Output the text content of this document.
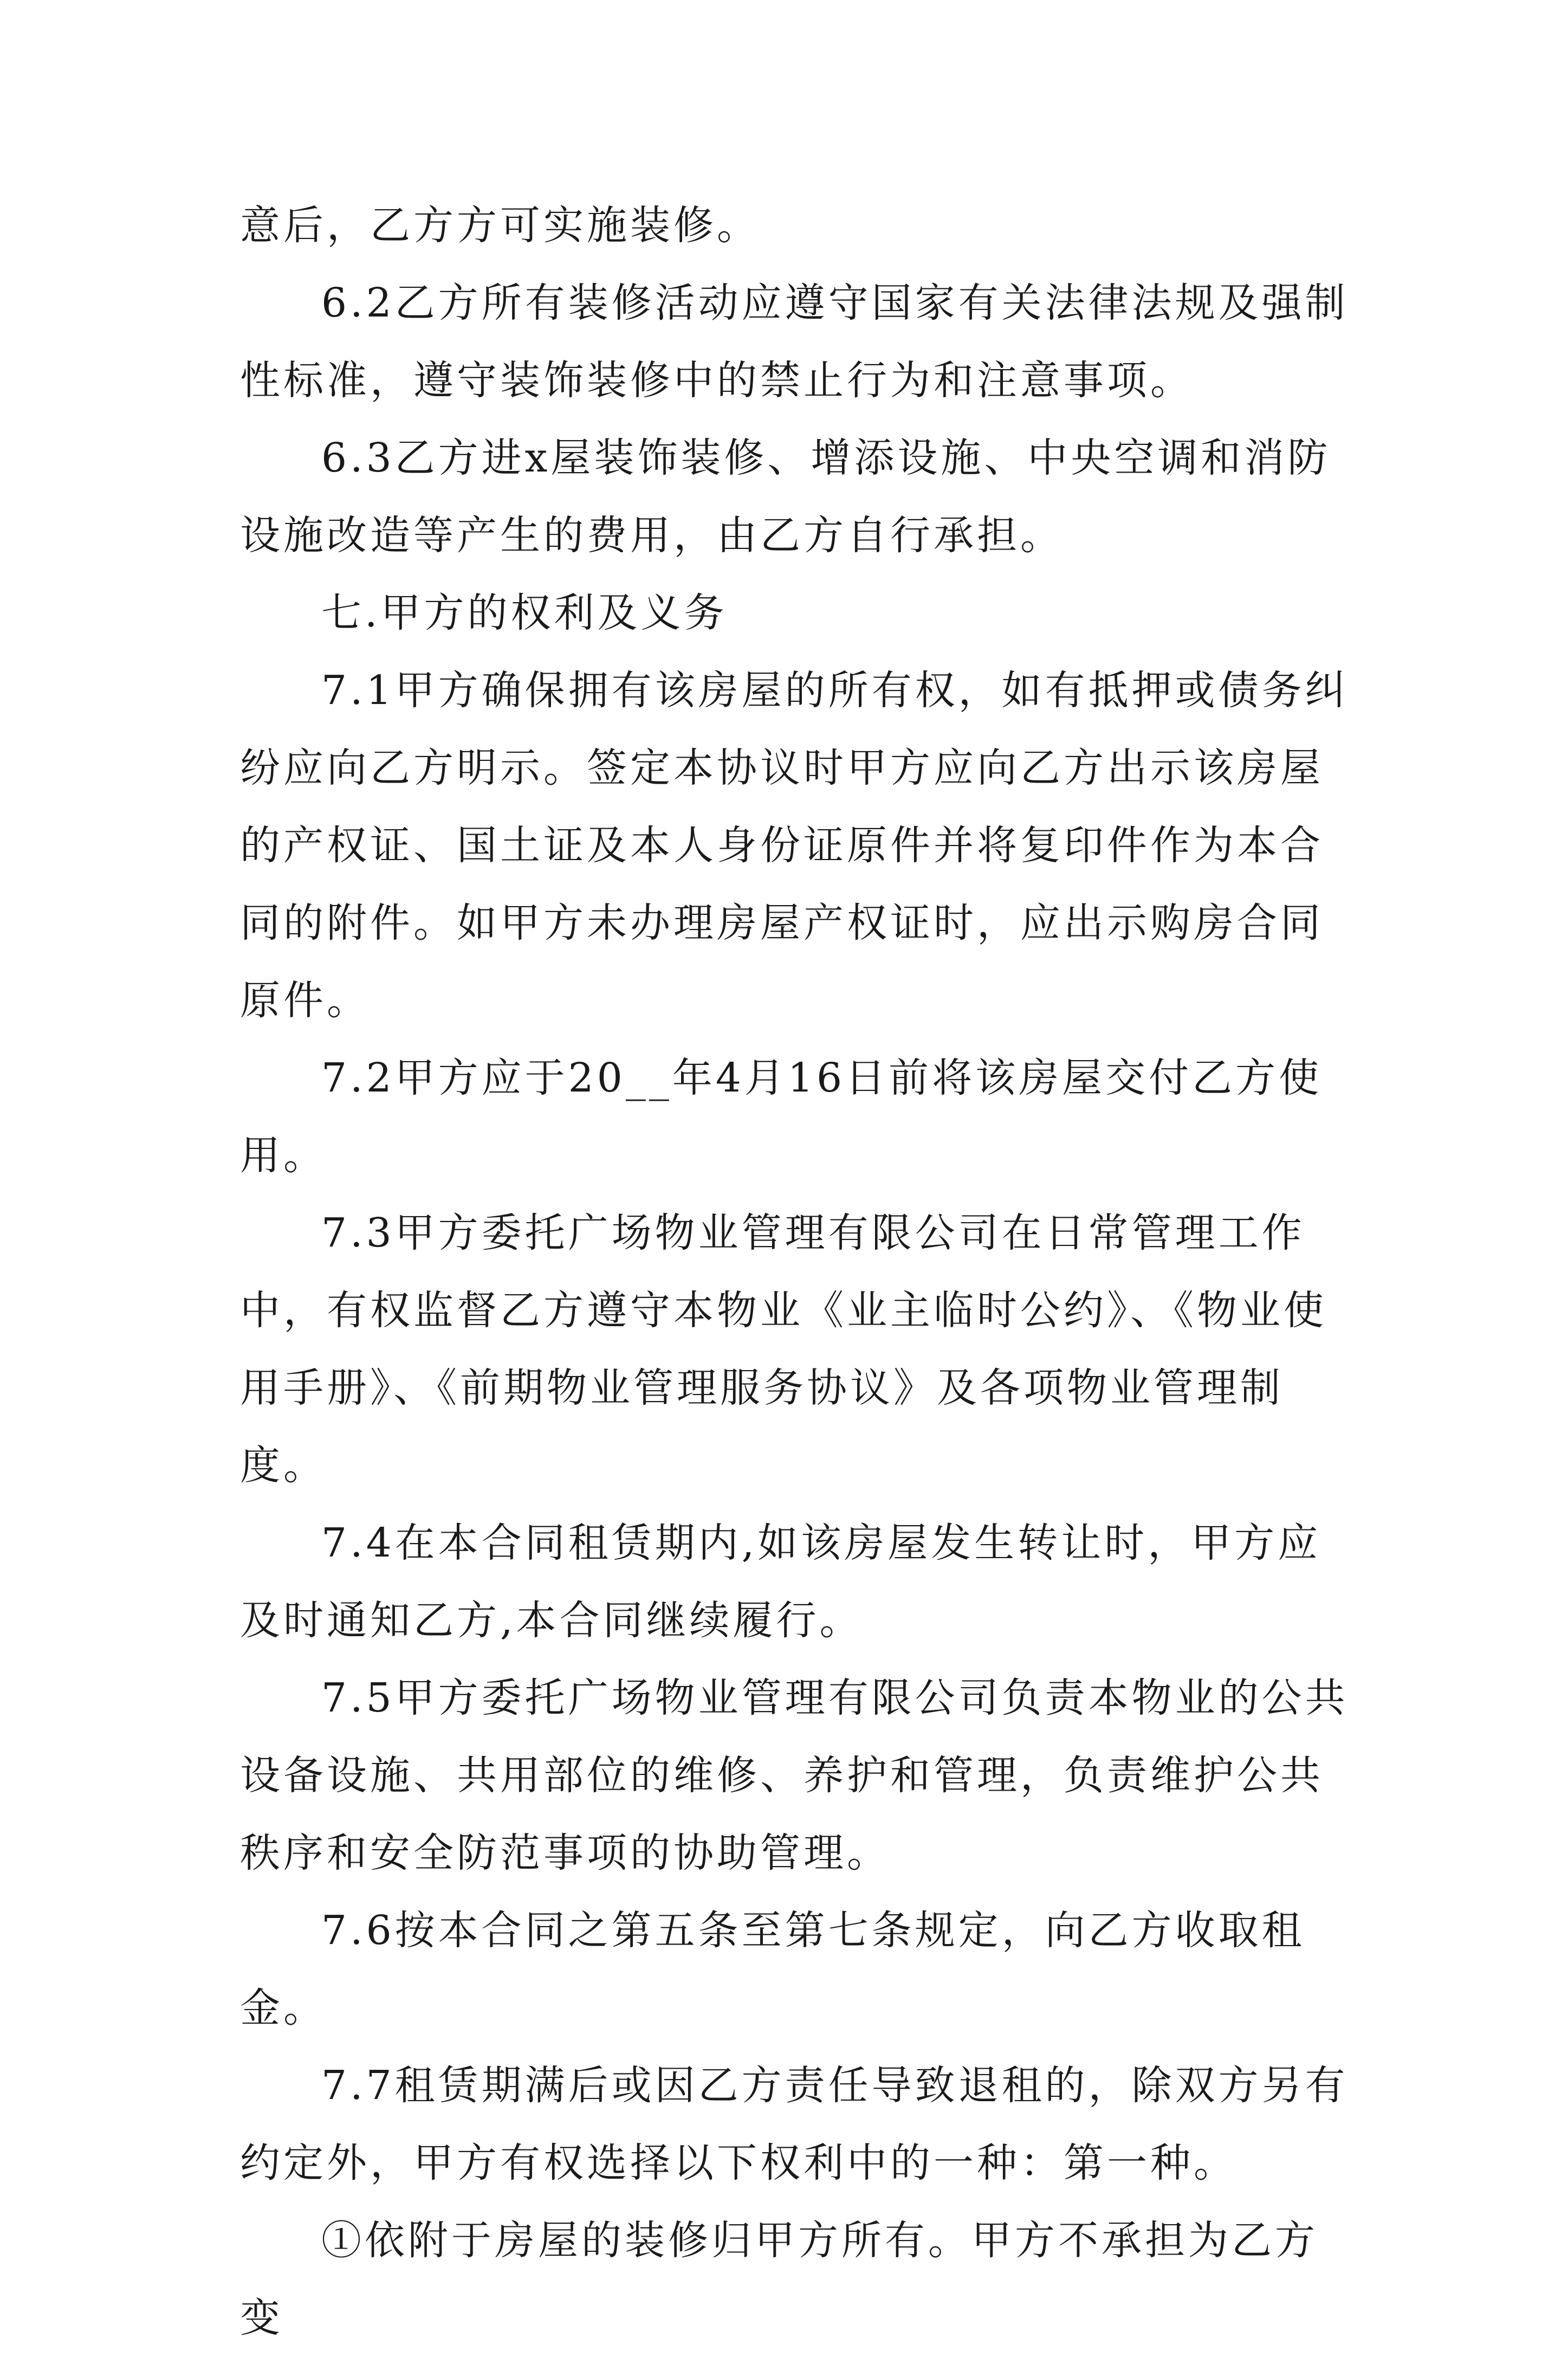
意后，乙方方可实施装修。

6.2乙方所有装修活动应遵守国家有关法律法规及强制性标准，遵守装饰装修中的禁止行为和注意事项。

6.3乙方进x屋装饰装修、增添设施、中央空调和消防设施改造等产生的费用，由乙方自行承担。

七.甲方的权利及义务

7.1甲方确保拥有该房屋的所有权，如有抵押或债务纠纷应向乙方明示。签定本协议时甲方应向乙方出示该房屋的产权证、国土证及本人身份证原件并将复印件作为本合同的附件。如甲方未办理房屋产权证时，应出示购房合同原件。

7.2甲方应于20__年4月16日前将该房屋交付乙方使用。

7.3甲方委托广场物业管理有限公司在日常管理工作中，有权监督乙方遵守本物业《业主临时公约》、《物业使用手册》、《前期物业管理服务协议》及各项物业管理制度。

7.4在本合同租赁期内,如该房屋发生转让时，甲方应及时通知乙方,本合同继续履行。

7.5甲方委托广场物业管理有限公司负责本物业的公共设备设施、共用部位的维修、养护和管理，负责维护公共秩序和安全防范事项的协助管理。

7.6按本合同之第五条至第七条规定，向乙方收取租金。

7.7租赁期满后或因乙方责任导致退租的，除双方另有约定外，甲方有权选择以下权利中的一种：第一种。

①依附于房屋的装修归甲方所有。甲方不承担为乙方变
